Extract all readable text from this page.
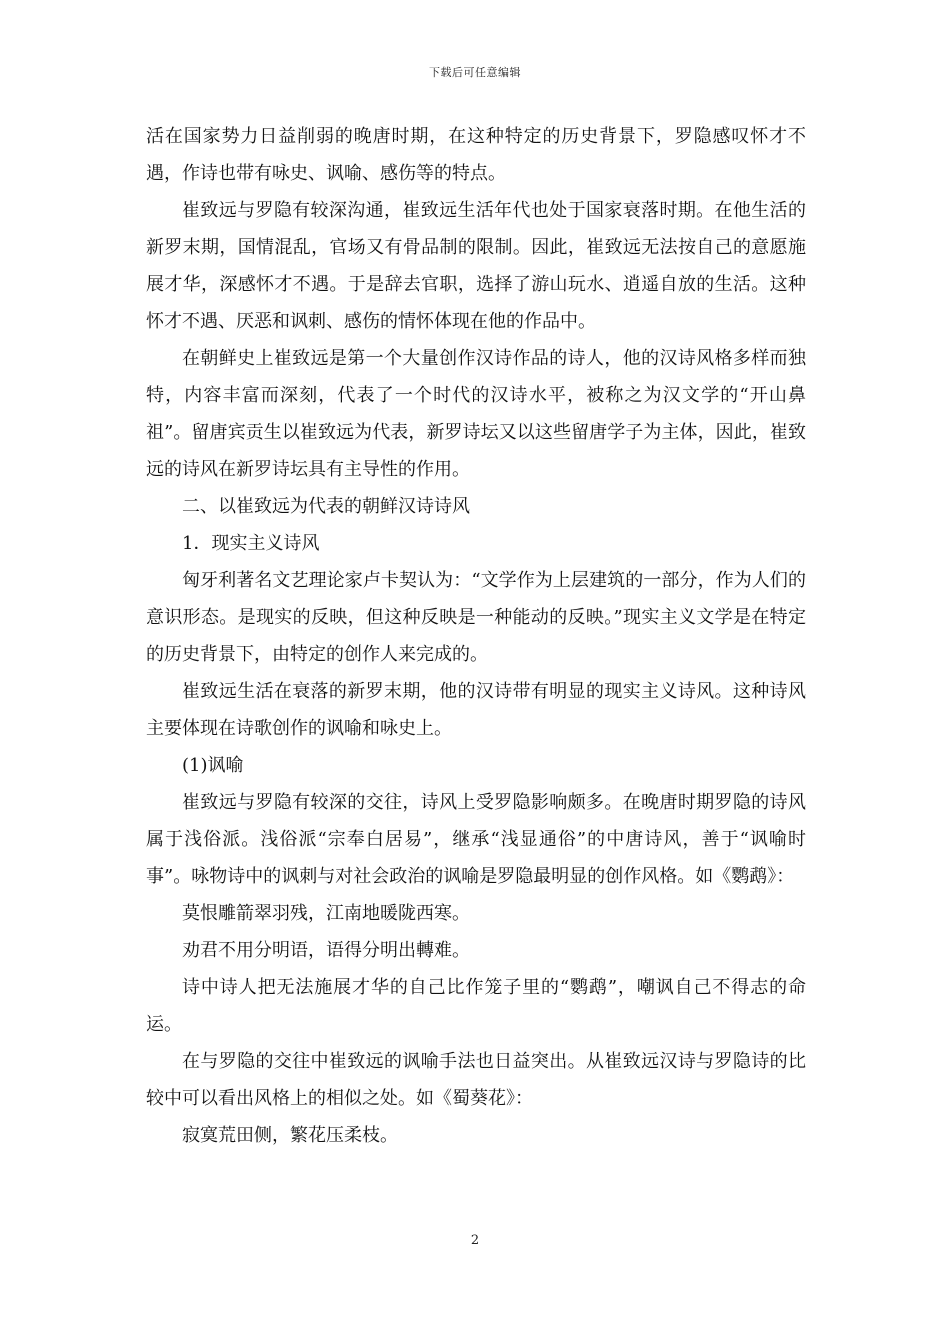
下载后可任意编辑

活在国家势力日益削弱的晚唐时期，在这种特定的历史背景下，罗隐感叹怀才不遇，作诗也带有咏史、讽喻、感伤等的特点。

崔致远与罗隐有较深沟通，崔致远生活年代也处于国家衰落时期。在他生活的新罗末期，国情混乱，官场又有骨品制的限制。因此，崔致远无法按自己的意愿施展才华，深感怀才不遇。于是辞去官职，选择了游山玩水、逍遥自放的生活。这种怀才不遇、厌恶和讽刺、感伤的情怀体现在他的作品中。

在朝鲜史上崔致远是第一个大量创作汉诗作品的诗人，他的汉诗风格多样而独特，内容丰富而深刻，代表了一个时代的汉诗水平，被称之为汉文学的“开山鼻祖”。留唐宾贡生以崔致远为代表，新罗诗坛又以这些留唐学子为主体，因此，崔致远的诗风在新罗诗坛具有主导性的作用。

二、以崔致远为代表的朝鲜汉诗诗风

1．现实主义诗风

匈牙利著名文艺理论家卢卡契认为：“文学作为上层建筑的一部分，作为人们的意识形态。是现实的反映，但这种反映是一种能动的反映。”现实主义文学是在特定的历史背景下，由特定的创作人来完成的。

崔致远生活在衰落的新罗末期，他的汉诗带有明显的现实主义诗风。这种诗风主要体现在诗歌创作的讽喻和咏史上。

(1)讽喻

崔致远与罗隐有较深的交往，诗风上受罗隐影响颇多。在晚唐时期罗隐的诗风属于浅俗派。浅俗派“宗奉白居易”，继承“浅显通俗”的中唐诗风，善于“讽喻时事”。咏物诗中的讽刺与对社会政治的讽喻是罗隐最明显的创作风格。如《鹦鹉》：

莫恨雕箭翠羽残，江南地暖陇西寒。

劝君不用分明语，语得分明出轉难。

诗中诗人把无法施展才华的自己比作笼子里的“鹦鹉”，嘲讽自己不得志的命运。

在与罗隐的交往中崔致远的讽喻手法也日益突出。从崔致远汉诗与罗隐诗的比较中可以看出风格上的相似之处。如《蜀葵花》：

寂寞荒田侧，繁花压柔枝。

2
